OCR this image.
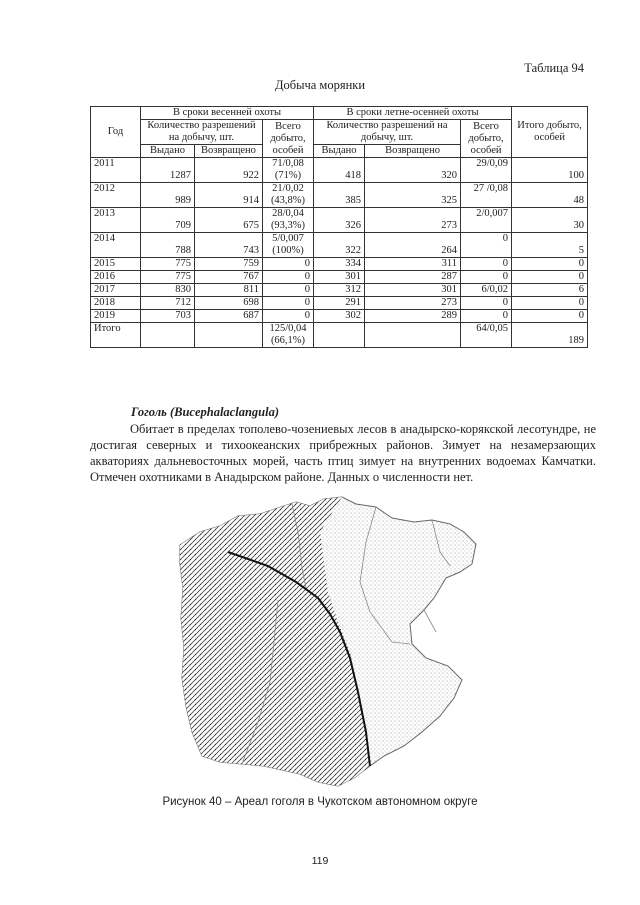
Таблица 94
Добыча морянки
Год	В сроки весенней охоты			В сроки летне-осенней охоты			Итого добыто, особей
	Количество разрешений на добычу, шт.		Всего добыто, особей	Количество разрешений на добычу, шт.		Всего добыто, особей	
	Выдано	Возвращено		Выдано	Возвращено		
2011	1287	922	71/0,08 (71%)	418	320	29/0,09	100
2012	989	914	21/0,02 (43,8%)	385	325	27 /0,08	48
2013	709	675	28/0,04 (93,3%)	326	273	2/0,007	30
2014	788	743	5/0,007 (100%)	322	264	0	5
2015	775	759	0	334	311	0	0
2016	775	767	0	301	287	0	0
2017	830	811	0	312	301	6/0,02	6
2018	712	698	0	291	273	0	0
2019	703	687	0	302	289	0	0
Итого			125/0,04 (66,1%)			64/0,05	189
Гоголь (Bucephalaclangula)

Обитает в пределах тополево-чозениевых лесов в анадырско-корякской лесотундре, не достигая северных и тихоокеанских прибрежных районов. Зимует на незамерзающих акваториях дальневосточных морей, часть птиц зимует на внутренних водоемах Камчатки. Отмечен охотниками в Анадырском районе. Данных о численности нет.

Рисунок 40 – Ареал гоголя в Чукотском автономном округе
119
